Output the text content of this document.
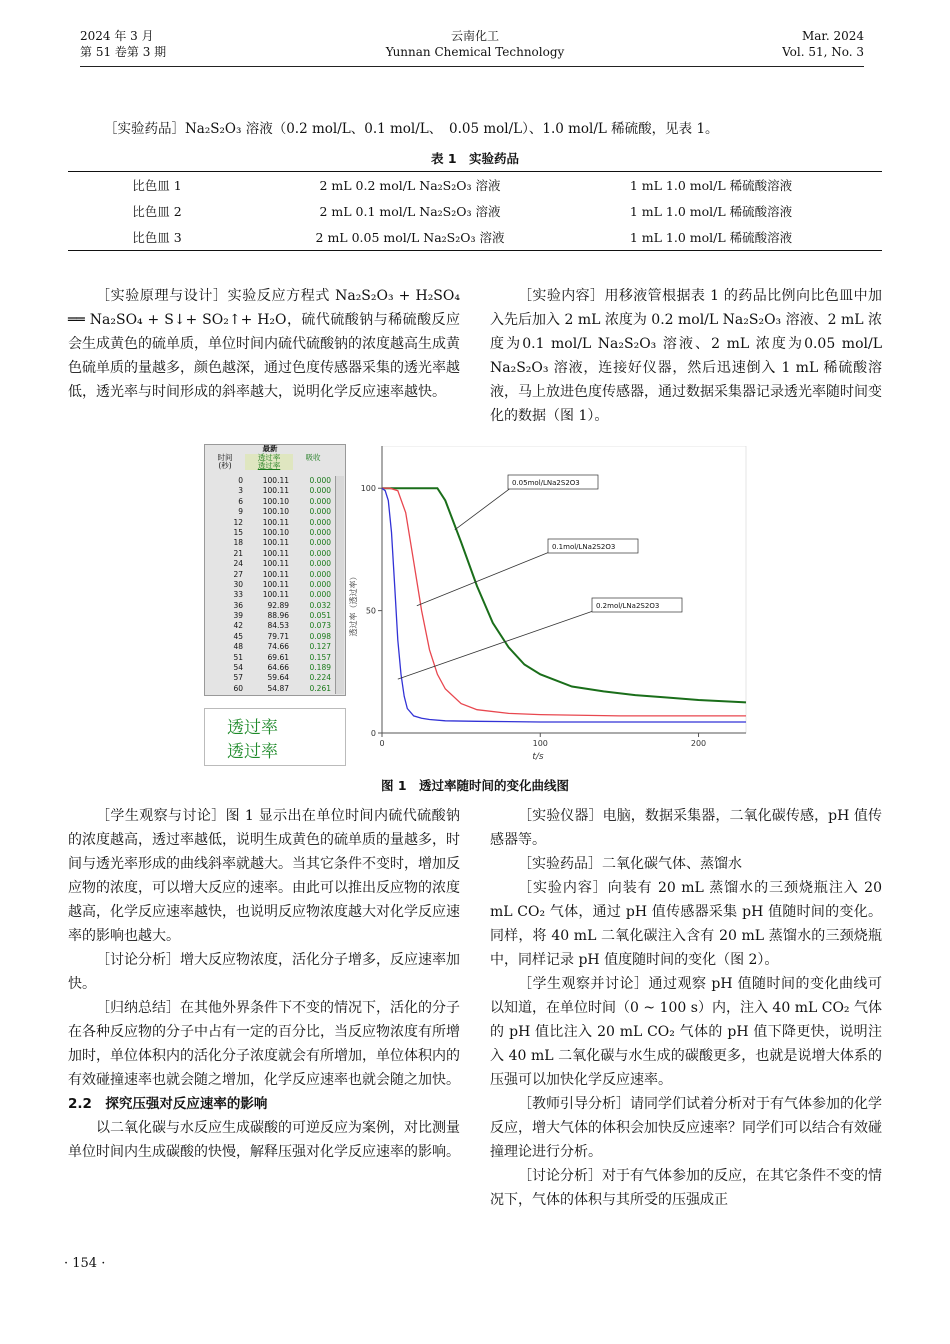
2024 年 3 月
第 51 卷第 3 期
云南化工
Yunnan Chemical Technology
Mar. 2024
Vol. 51, No. 3
［实验药品］Na₂S₂O₃ 溶液（0.2 mol/L、0.1 mol/L、　0.05 mol/L）、1.0 mol/L 稀硫酸，见表 1。
表 1　实验药品
比色皿 1	2 mL 0.2 mol/L Na₂S₂O₃ 溶液	1 mL 1.0 mol/L 稀硫酸溶液
比色皿 2	2 mL 0.1 mol/L Na₂S₂O₃ 溶液	1 mL 1.0 mol/L 稀硫酸溶液
比色皿 3	2 mL 0.05 mol/L Na₂S₂O₃ 溶液	1 mL 1.0 mol/L 稀硫酸溶液

［实验原理与设计］实验反应方程式 Na₂S₂O₃ + H₂SO₄ ══ Na₂SO₄ + S↓+ SO₂↑+ H₂O，硫代硫酸钠与稀硫酸反应会生成黄色的硫单质，单位时间内硫代硫酸钠的浓度越高生成黄色硫单质的量越多，颜色越深，通过色度传感器采集的透光率越低，透光率与时间形成的斜率越大，说明化学反应速率越快。

［实验内容］用移液管根据表 1 的药品比例向比色皿中加入先后加入 2 mL 浓度为 0.2 mol/L Na₂S₂O₃ 溶液、2 mL 浓度为0.1 mol/L Na₂S₂O₃ 溶液、2 mL 浓度为0.05 mol/L Na₂S₂O₃ 溶液，连接好仪器，然后迅速倒入 1 mL 稀硫酸溶液，马上放进色度传感器，通过数据采集器记录透光率随时间变化的数据（图 1）。

最新
时间
(秒)
透过率
透过率
吸收
0	100.11	0.000
3	100.11	0.000
6	100.10	0.000
9	100.10	0.000
12	100.11	0.000
15	100.10	0.000
18	100.11	0.000
21	100.11	0.000
24	100.11	0.000
27	100.11	0.000
30	100.11	0.000
33	100.11	0.000
36	92.89	0.032
39	88.96	0.051
42	84.53	0.073
45	79.71	0.098
48	74.66	0.127
51	69.61	0.157
54	64.66	0.189
57	59.64	0.224
60	54.87	0.261
透过率
透过率
0
50
100
0	100	200
t/s
透过率（透过率）
0.05mol/LNa2S2O3
0.1mol/LNa2S2O3
0.2mol/LNa2S2O3
图 1　透过率随时间的变化曲线图

［学生观察与讨论］图 1 显示出在单位时间内硫代硫酸钠的浓度越高，透过率越低，说明生成黄色的硫单质的量越多，时间与透光率形成的曲线斜率就越大。当其它条件不变时，增加反应物的浓度，可以增大反应的速率。由此可以推出反应物的浓度越高，化学反应速率越快，也说明反应物浓度越大对化学反应速率的影响也越大。

［讨论分析］增大反应物浓度，活化分子增多，反应速率加快。

［归纳总结］在其他外界条件下不变的情况下，活化的分子在各种反应物的分子中占有一定的百分比，当反应物浓度有所增加时，单位体积内的活化分子浓度就会有所增加，单位体积内的有效碰撞速率也就会随之增加，化学反应速率也就会随之加快。

2.2　探究压强对反应速率的影响

以二氧化碳与水反应生成碳酸的可逆反应为案例，对比测量单位时间内生成碳酸的快慢，解释压强对化学反应速率的影响。

［实验仪器］电脑，数据采集器，二氧化碳传感，pH 值传感器等。

［实验药品］二氧化碳气体、蒸馏水

［实验内容］向装有 20 mL 蒸馏水的三颈烧瓶注入 20 mL CO₂ 气体，通过 pH 值传感器采集 pH 值随时间的变化。同样，将 40 mL 二氧化碳注入含有 20 mL 蒸馏水的三颈烧瓶中，同样记录 pH 值度随时间的变化（图 2）。

［学生观察并讨论］通过观察 pH 值随时间的变化曲线可以知道，在单位时间（0 ~ 100 s）内，注入 40 mL CO₂ 气体的 pH 值比注入 20 mL CO₂ 气体的 pH 值下降更快，说明注入 40 mL 二氧化碳与水生成的碳酸更多，也就是说增大体系的压强可以加快化学反应速率。

［教师引导分析］请同学们试着分析对于有气体参加的化学反应，增大气体的体积会加快反应速率？同学们可以结合有效碰撞理论进行分析。

［讨论分析］对于有气体参加的反应，在其它条件不变的情况下，气体的体积与其所受的压强成正

· 154 ·
